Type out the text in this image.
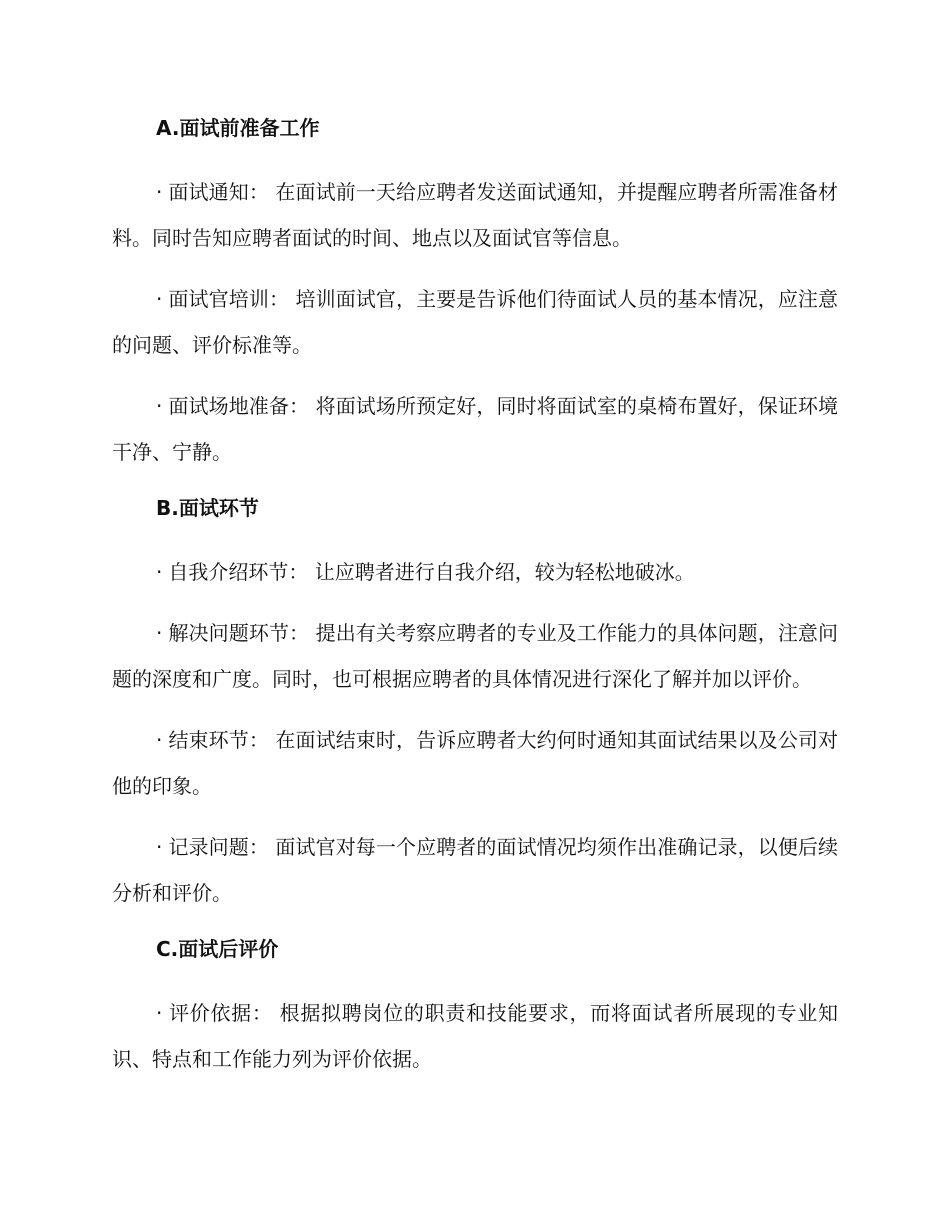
A.面试前准备工作

· 面试通知： 在面试前一天给应聘者发送面试通知，并提醒应聘者所需准备材料。同时告知应聘者面试的时间、地点以及面试官等信息。

· 面试官培训： 培训面试官，主要是告诉他们待面试人员的基本情况，应注意的问题、评价标准等。

· 面试场地准备： 将面试场所预定好，同时将面试室的桌椅布置好，保证环境干净、宁静。

B.面试环节

· 自我介绍环节： 让应聘者进行自我介绍，较为轻松地破冰。

· 解决问题环节： 提出有关考察应聘者的专业及工作能力的具体问题，注意问题的深度和广度。同时，也可根据应聘者的具体情况进行深化了解并加以评价。

· 结束环节： 在面试结束时，告诉应聘者大约何时通知其面试结果以及公司对他的印象。

· 记录问题： 面试官对每一个应聘者的面试情况均须作出准确记录，以便后续分析和评价。

C.面试后评价

· 评价依据： 根据拟聘岗位的职责和技能要求，而将面试者所展现的专业知识、特点和工作能力列为评价依据。
